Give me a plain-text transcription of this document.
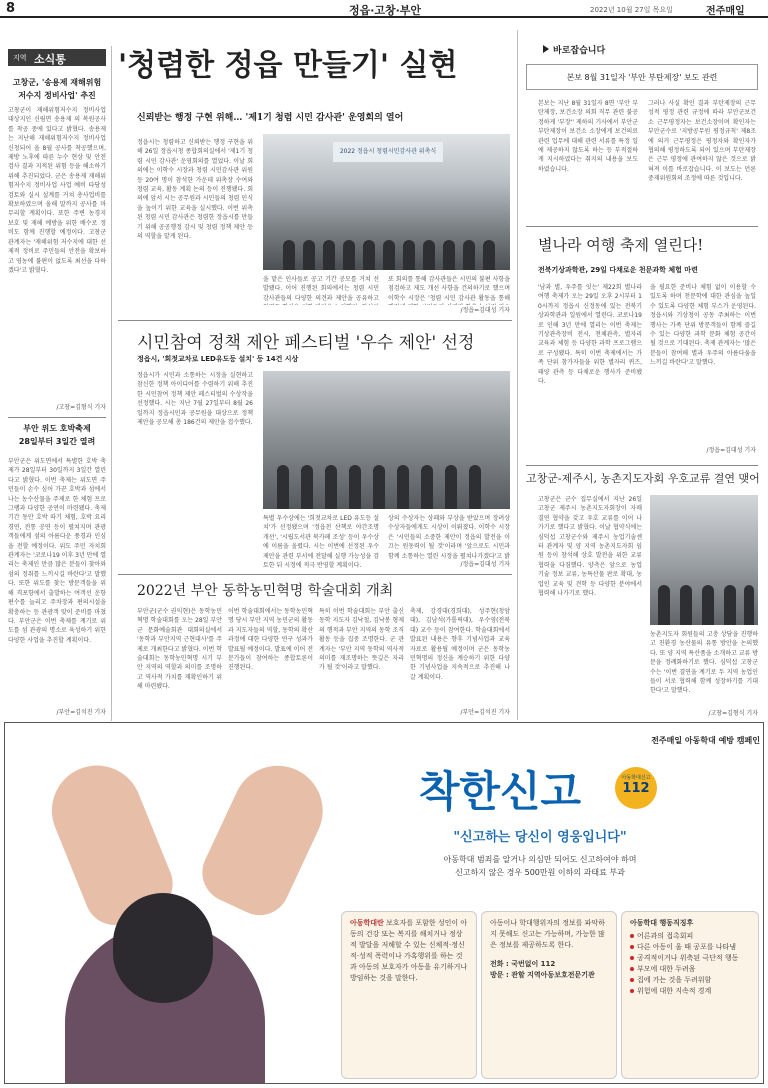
8	정읍·고창·부안	2022년 10월 27일 목요일	전주매일
지역 소식통
고창군, '송용제 재해위험
저수지 정비사업' 추진
고창군이 재해위험저수지 정비사업 대상지인 신림면 송용제 의 복원공사를 착공 중에 있다고 밝혔다. 송용제는 지난해 재해위험저수지 정비사업 신청되어 올 8월 공사를 착공했으며, 제방 노후에 따른 누수 현상 및 안전 검사 결과 지적된 위험 등을 해소하기 위해 추진되었다. 군은 송용제 재해위험저수지 정비사업 사업 예비 타당성 검토와 실시 설계를 거쳐 총사업비를 확보하였으며 올해 말까지 공사를 마무리할 계획이다. 또한 주변 농경지 보호 및 재해 예방을 위한 배수로 정비도 함께 진행할 예정이다. 고창군 관계자는 '재해위험 저수지에 대한 선제적 정비로 주민들의 안전을 확보하고 영농에 불편이 없도록 최선을 다하겠다'고 밝혔다.
/고창=김형식 기자
부안 위도 호박축제
28일부터 3일간 열려
부안군은 위도면에서 특별한 호박 축제가 28일부터 30일까지 3일간 열린다고 밝혔다. 이번 축제는 위도면 주민들이 손수 심어 가꾼 호박과 섬에서 나는 농수산물을 주제로 한 체험 프로그램과 다양한 공연이 마련됐다. 축제 기간 동안 호박 따기 체험, 호박 요리 경연, 전통 공연 등이 펼쳐지며 관광객들에게 섬의 아름다운 풍경과 인심을 전할 예정이다. 위도 주민 자치회 관계자는 '코로나19 이후 3년 만에 열리는 축제인 만큼 많은 분들이 찾아와 섬의 정취를 느끼시길 바란다'고 말했다. 또한 위도를 찾는 방문객들을 위해 격포항에서 출발하는 여객선 운항 편수를 늘리고 주차장과 편의시설을 확충하는 등 관광객 맞이 준비를 마쳤다. 부안군은 이번 축제를 계기로 위도를 섬 관광의 명소로 육성하기 위한 다양한 사업을 추진할 계획이다.
/부안=김석진 기자
'청렴한 정읍 만들기' 실현
신뢰받는 행정 구현 위해… '제1기 청렴 시민 감사관' 운영회의 열어
정읍시는 청렴하고 신뢰받는 행정 구현을 위해 26일 정읍시청 종합회의실에서 '제1기 청렴 시민 감사관' 운영회의를 열었다. 이날 회의에는 이학수 시장과 청렴 시민감사관 위원 등 20여 명이 참석한 가운데 위촉장 수여와 청렴 교육, 활동 계획 논의 등이 진행됐다. 회의에 앞서 시는 공무원과 시민들의 청렴 인식을 높이기 위한 교육을 실시했다. 이번 위촉된 청렴 시민 감사관은 청렴한 정읍시를 만들기 위해 공공행정 감시 및 청렴 정책 제안 등의 역할을 맡게 된다.
2022 정읍시 청렴시민감사관 위촉식
을 맡은 인사들로 공고 기간 공모를 거쳐 선발됐다. 이어 진행된 회의에서는 청렴 시민 감사관들의 다양한 의견과 제안을 공유하고
또 회의를 통해 감사관들은 시민의 불편 사항을 점검하고 제도 개선 사항을 건의하기로 했으며 이학수 시장은 '청렴 시민 감사관 활동을 통해
/정읍=김대성 기자
시민참여 정책 제안 페스티벌 '우수 제안' 선정
정읍시, '희젓교차로 LED유도등 설치' 등 14건 시상
정읍시가 시민과 소통하는 시정을 실현하고 참신한 정책 아이디어를 수렴하기 위해 추진한 시민참여 정책 제안 페스티벌의 수상작을 선정했다. 시는 지난 7월 27일부터 8월 26일까지 정읍시민과 공무원을 대상으로 정책 제안을 공모해 총 186건의 제안을 접수했다.
특별 우수상에는 '희젓교차로 LED 유도등 설치'가 선정됐으며 '정읍천 산책로 야간조명 개선', '시립도서관 북카페 조성' 등이 우수상에 이름을 올렸다. 시는 이번에 선정된 우수 제안을 관련 부서에 전달해 실행 가능성을 검토한 뒤 시정에 적극 반영할 계획이다.
상의 수상자는 상패와 부상을 받았으며 장려상 수상자들에게도 시상이 이뤄졌다. 이학수 시장은 '시민들의 소중한 제안이 정읍의 발전을 이끄는 원동력이 될 것'이라며 '앞으로도 시민과 함께 소통하는 열린 시정을 펼쳐나가겠다'고 밝
/정읍=김대성 기자
2022년 부안 동학농민혁명 학술대회 개최
부안군(군수 권익현)은 동학농민혁명 학술대회를 오는 28일 부안군 문화예술회관 대회의실에서 '동학과 부안지역 근현대사'를 주제로 개최한다고 밝혔다. 이번 학술대회는 동학농민혁명 시기 부안 지역의 역할과 의미를 조명하고 역사적 가치를 재확인하기 위해 마련됐다.
이번 학술대회에서는 동학농민혁명 당시 부안 지역 농민군의 활동과 지도자들의 역할, 동학의 확산 과정에 대한 다양한 연구 성과가 발표될 예정이다. 발표에 이어 전문가들이 참여하는 종합토론이 진행된다.
특히 이번 학술대회는 부안 출신 동학 지도자 김낙철, 김낙봉 형제의 행적과 부안 지역의 동학 조직 활동 등을 집중 조명한다. 군 관계자는 '부안 지역 동학의 역사적 의미를 재조명하는 뜻깊은 자리가 될 것'이라고 말했다.
축제, 강경대(경희대), 성주현(청암대), 김남석(가톨릭대), 우수영(전북대) 교수 등이 참여한다. 학술대회에서 발표된 내용은 향후 기념사업과 교육 자료로 활용될 예정이며 군은 동학농민혁명의 정신을 계승하기 위한 다양한 기념사업을 지속적으로 추진해 나갈 계획이다.
/부안=김석진 기자
바로잡습니다
본보 8월 31일자 '부안 부탄제장' 보도 관련
본보는 지난 8월 31일자 8면 '부안 부탄제장, 보건소장 의회 직무 관련 불공정하게 '부장'' 제하의 기사에서 부안군 부탄제장이 보건소 소장에게 보건의료 관련 업무에 대해 관련 서류를 특정 일에 제공하지 않도록 하는 등 부적절하게 지시하였다는 취지의 내용을 보도하였습니다.
그러나 사실 확인 결과 부탄제장의 근무성적 평정 관련 규정에 따라 부안군보건소 근무평정자는 보건소장이며 확인자는 부안군수로 '지방공무원 평정규칙' 제8조에 의거 근무평정은 평정자와 확인자가 협의해 평정하도록 되어 있으며 부탄제장은 근무 평정에 관여하지 않은 것으로 밝혀져 이를 바로잡습니다. 이 보도는 언론중재위원회의 조정에 따른 것입니다.
별나라 여행 축제 열린다!
전북기상과학관, 29일 다채로운 천문과학 체험 마련
'남과 별, 우주를 잇는' 제22회 별나라 여행 축제가 오는 29일 오후 2시부터 10시까지 정읍시 신정동에 있는 전북기상과학관과 일원에서 열린다. 코로나19로 인해 3년 만에 열리는 이번 축제는 기상관측장비 전시, 천체관측, 별자리 교육과 체험 등 다양한 과학 프로그램으로 구성됐다. 특히 이번 축제에서는 가족 단위 참가자들을 위한 별자리 퀴즈, 태양 관측 등 다채로운 행사가 준비됐다.
을 필요한 준비나 체험 없이 이용할 수 있도록 하며 천문학에 대한 관심을 높일 수 있도록 다양한 체험 부스가 운영된다. 정읍시와 기상청이 공동 주최하는 이번 행사는 가족 단위 방문객들이 함께 즐길 수 있는 다양한 과학 문화 체험 공간이 될 것으로 기대된다. 축제 관계자는 '많은 분들이 참여해 별과 우주의 아름다움을 느끼길 바란다'고 말했다.
/정읍=김대성 기자
고창군-제주시, 농촌지도자회 우호교류 결연 맺어
고창군은 군수 집무실에서 지난 26일 고창군 제주시 농촌지도자회장이 자매결연 협약을 갖고 우호 교류를 이어 나가기로 했다고 밝혔다. 이날 협약식에는 심덕섭 고창군수와 제주시 농업기술센터 관계자 및 양 지역 농촌지도자회 임원 등이 참석해 상호 발전을 위한 교류 협력을 다짐했다. 양측은 앞으로 농업 기술 정보 교류, 농특산물 판로 확대, 농업인 교육 및 견학 등 다양한 분야에서 협력해 나가기로 했다.
농촌지도자 회원들의 고충 상담을 진행하고 친환경 농산물의 유통 방안을 논의했다. 또 양 지역 특산품을 소개하고 교류 방문을 정례화하기로 했다. 심덕섭 고창군수는 '이번 결연을 계기로 두 지역 농업인들이 서로 협력해 함께 성장하기를 기대한다'고 말했다.
/고창=김형식 기자
전주매일 아동학대 예방 캠페인
착한신고	아동학대신고
112
"신고하는 당신이 영웅입니다"
아동학대 범죄를 알거나 의심만 되어도 신고하여야 하며
신고하지 않은 경우 500만원 이하의 과태료 부과
아동학대란 보호자를 포함한 성인이 아동의 건강 또는 복지를 해치거나 정상적 발달을 저해할 수 있는 신체적·정신적·성적 폭력이나 가혹행위를 하는 것과 아동의 보호자가 아동을 유기하거나 방임하는 것을 말한다.
아동이나 학대행위자의 정보를 파악하지 못해도 신고는 가능하며, 가능한 많은 정보를 제공하도록 한다.
전화 : 국번없이 112
방문 : 관할 지역아동보호전문기관
아동학대 행동직징후
어른과의 접촉회피
다른 아동이 울 때 공포를 나타냄
공격적이거나 위축된 극단적 행동
부모에 대한 두려움
집에 가는 것을 두려워함
위험에 대한 지속적 경계
